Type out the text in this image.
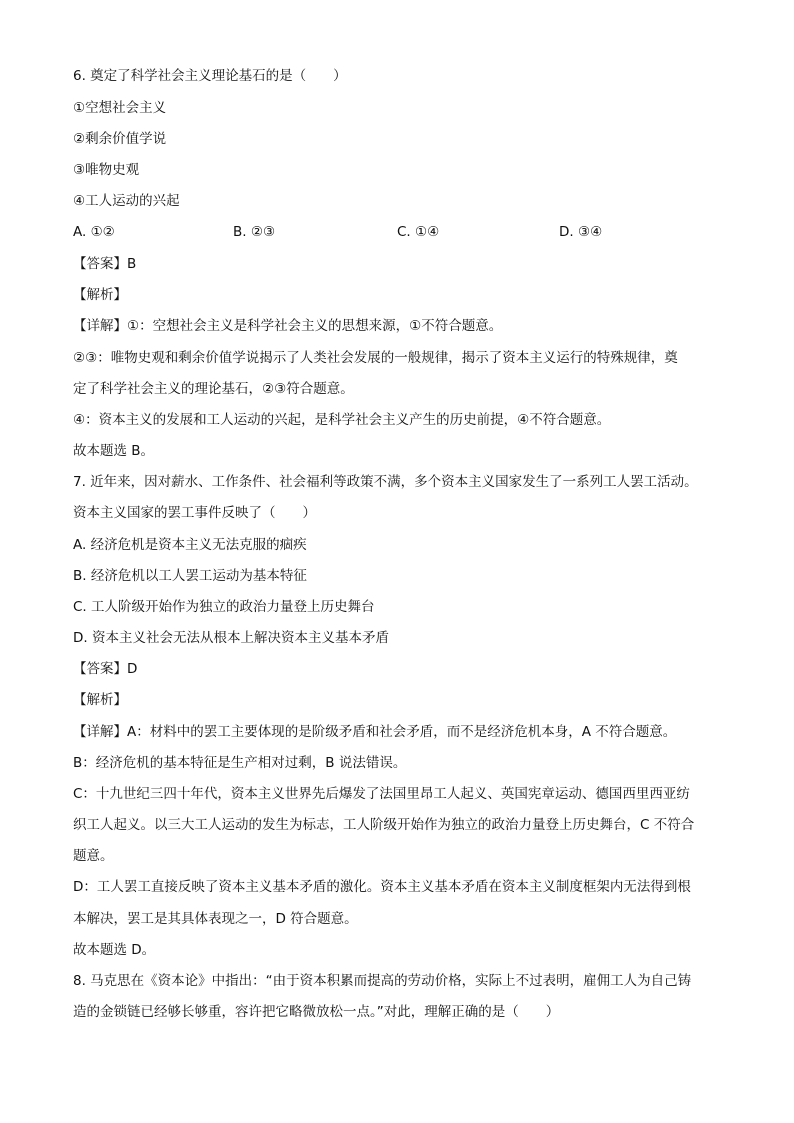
6. 奠定了科学社会主义理论基石的是（　　）
①空想社会主义
②剩余价值学说
③唯物史观
④工人运动的兴起
A. ①②	B. ②③	C. ①④	D. ③④
【答案】B
【解析】
【详解】①：空想社会主义是科学社会主义的思想来源，①不符合题意。
②③：唯物史观和剩余价值学说揭示了人类社会发展的一般规律，揭示了资本主义运行的特殊规律，奠
定了科学社会主义的理论基石，②③符合题意。
④：资本主义的发展和工人运动的兴起，是科学社会主义产生的历史前提，④不符合题意。
故本题选 B。
7. 近年来，因对薪水、工作条件、社会福利等政策不满，多个资本主义国家发生了一系列工人罢工活动。
资本主义国家的罢工事件反映了（　　）
A. 经济危机是资本主义无法克服的痼疾
B. 经济危机以工人罢工运动为基本特征
C. 工人阶级开始作为独立的政治力量登上历史舞台
D. 资本主义社会无法从根本上解决资本主义基本矛盾
【答案】D
【解析】
【详解】A：材料中的罢工主要体现的是阶级矛盾和社会矛盾，而不是经济危机本身，A 不符合题意。
B：经济危机的基本特征是生产相对过剩，B 说法错误。
C：十九世纪三四十年代，资本主义世界先后爆发了法国里昂工人起义、英国宪章运动、德国西里西亚纺
织工人起义。以三大工人运动的发生为标志，工人阶级开始作为独立的政治力量登上历史舞台，C 不符合
题意。
D：工人罢工直接反映了资本主义基本矛盾的激化。资本主义基本矛盾在资本主义制度框架内无法得到根
本解决，罢工是其具体表现之一，D 符合题意。
故本题选 D。
8. 马克思在《资本论》中指出：“由于资本积累而提高的劳动价格，实际上不过表明，雇佣工人为自己铸
造的金锁链已经够长够重，容许把它略微放松一点。”对此，理解正确的是（　　）
